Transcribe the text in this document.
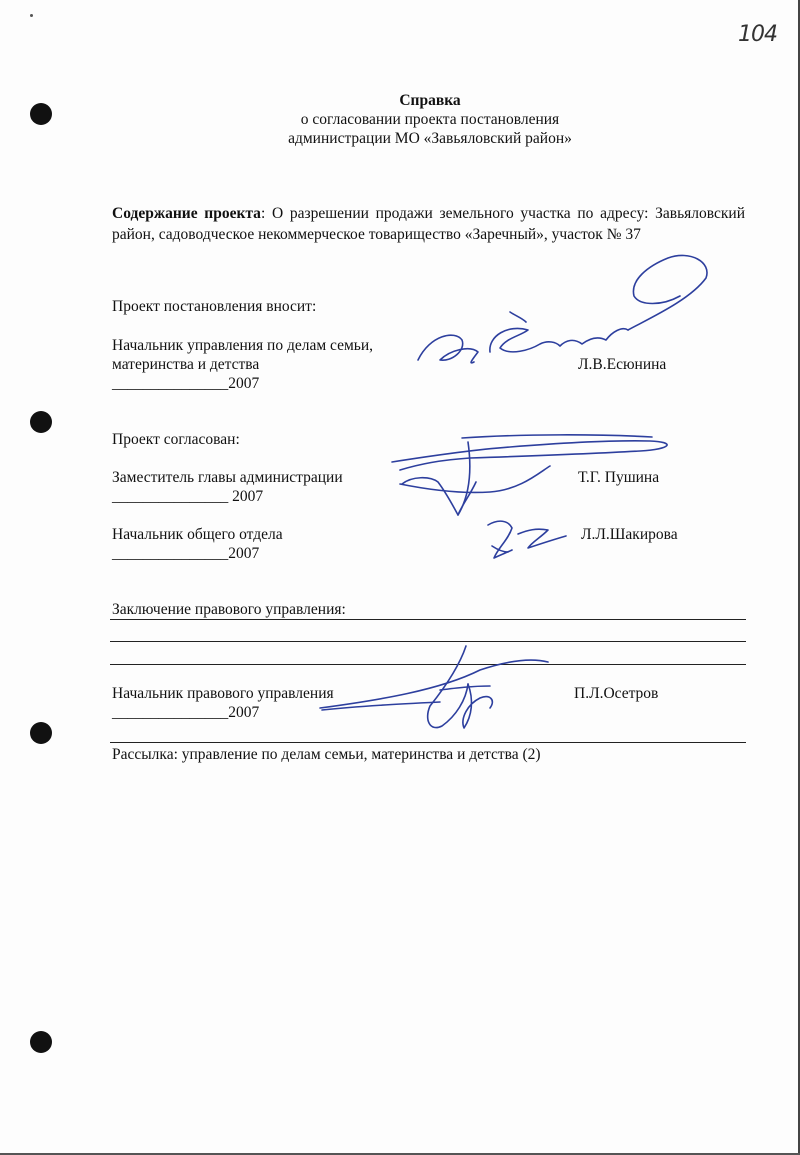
104
Справка
о согласовании проекта постановления
администрации МО «Завьяловский район»
Содержание проекта: О разрешении продажи земельного участка по адресу: Завьяловский район, садоводческое некоммерческое товарищество «Заречный», участок № 37
Проект постановления вносит:
Начальник управления по делам семьи,
материнства и детства
_______________2007
Л.В.Есюнина
Проект согласован:
Заместитель главы администрации
_______________ 2007
Т.Г. Пушина
Начальник общего отдела
_______________2007
Л.Л.Шакирова
Заключение правового управления:
Начальник правового управления
_______________2007
П.Л.Осетров
Рассылка: управление по делам семьи, материнства и детства (2)
